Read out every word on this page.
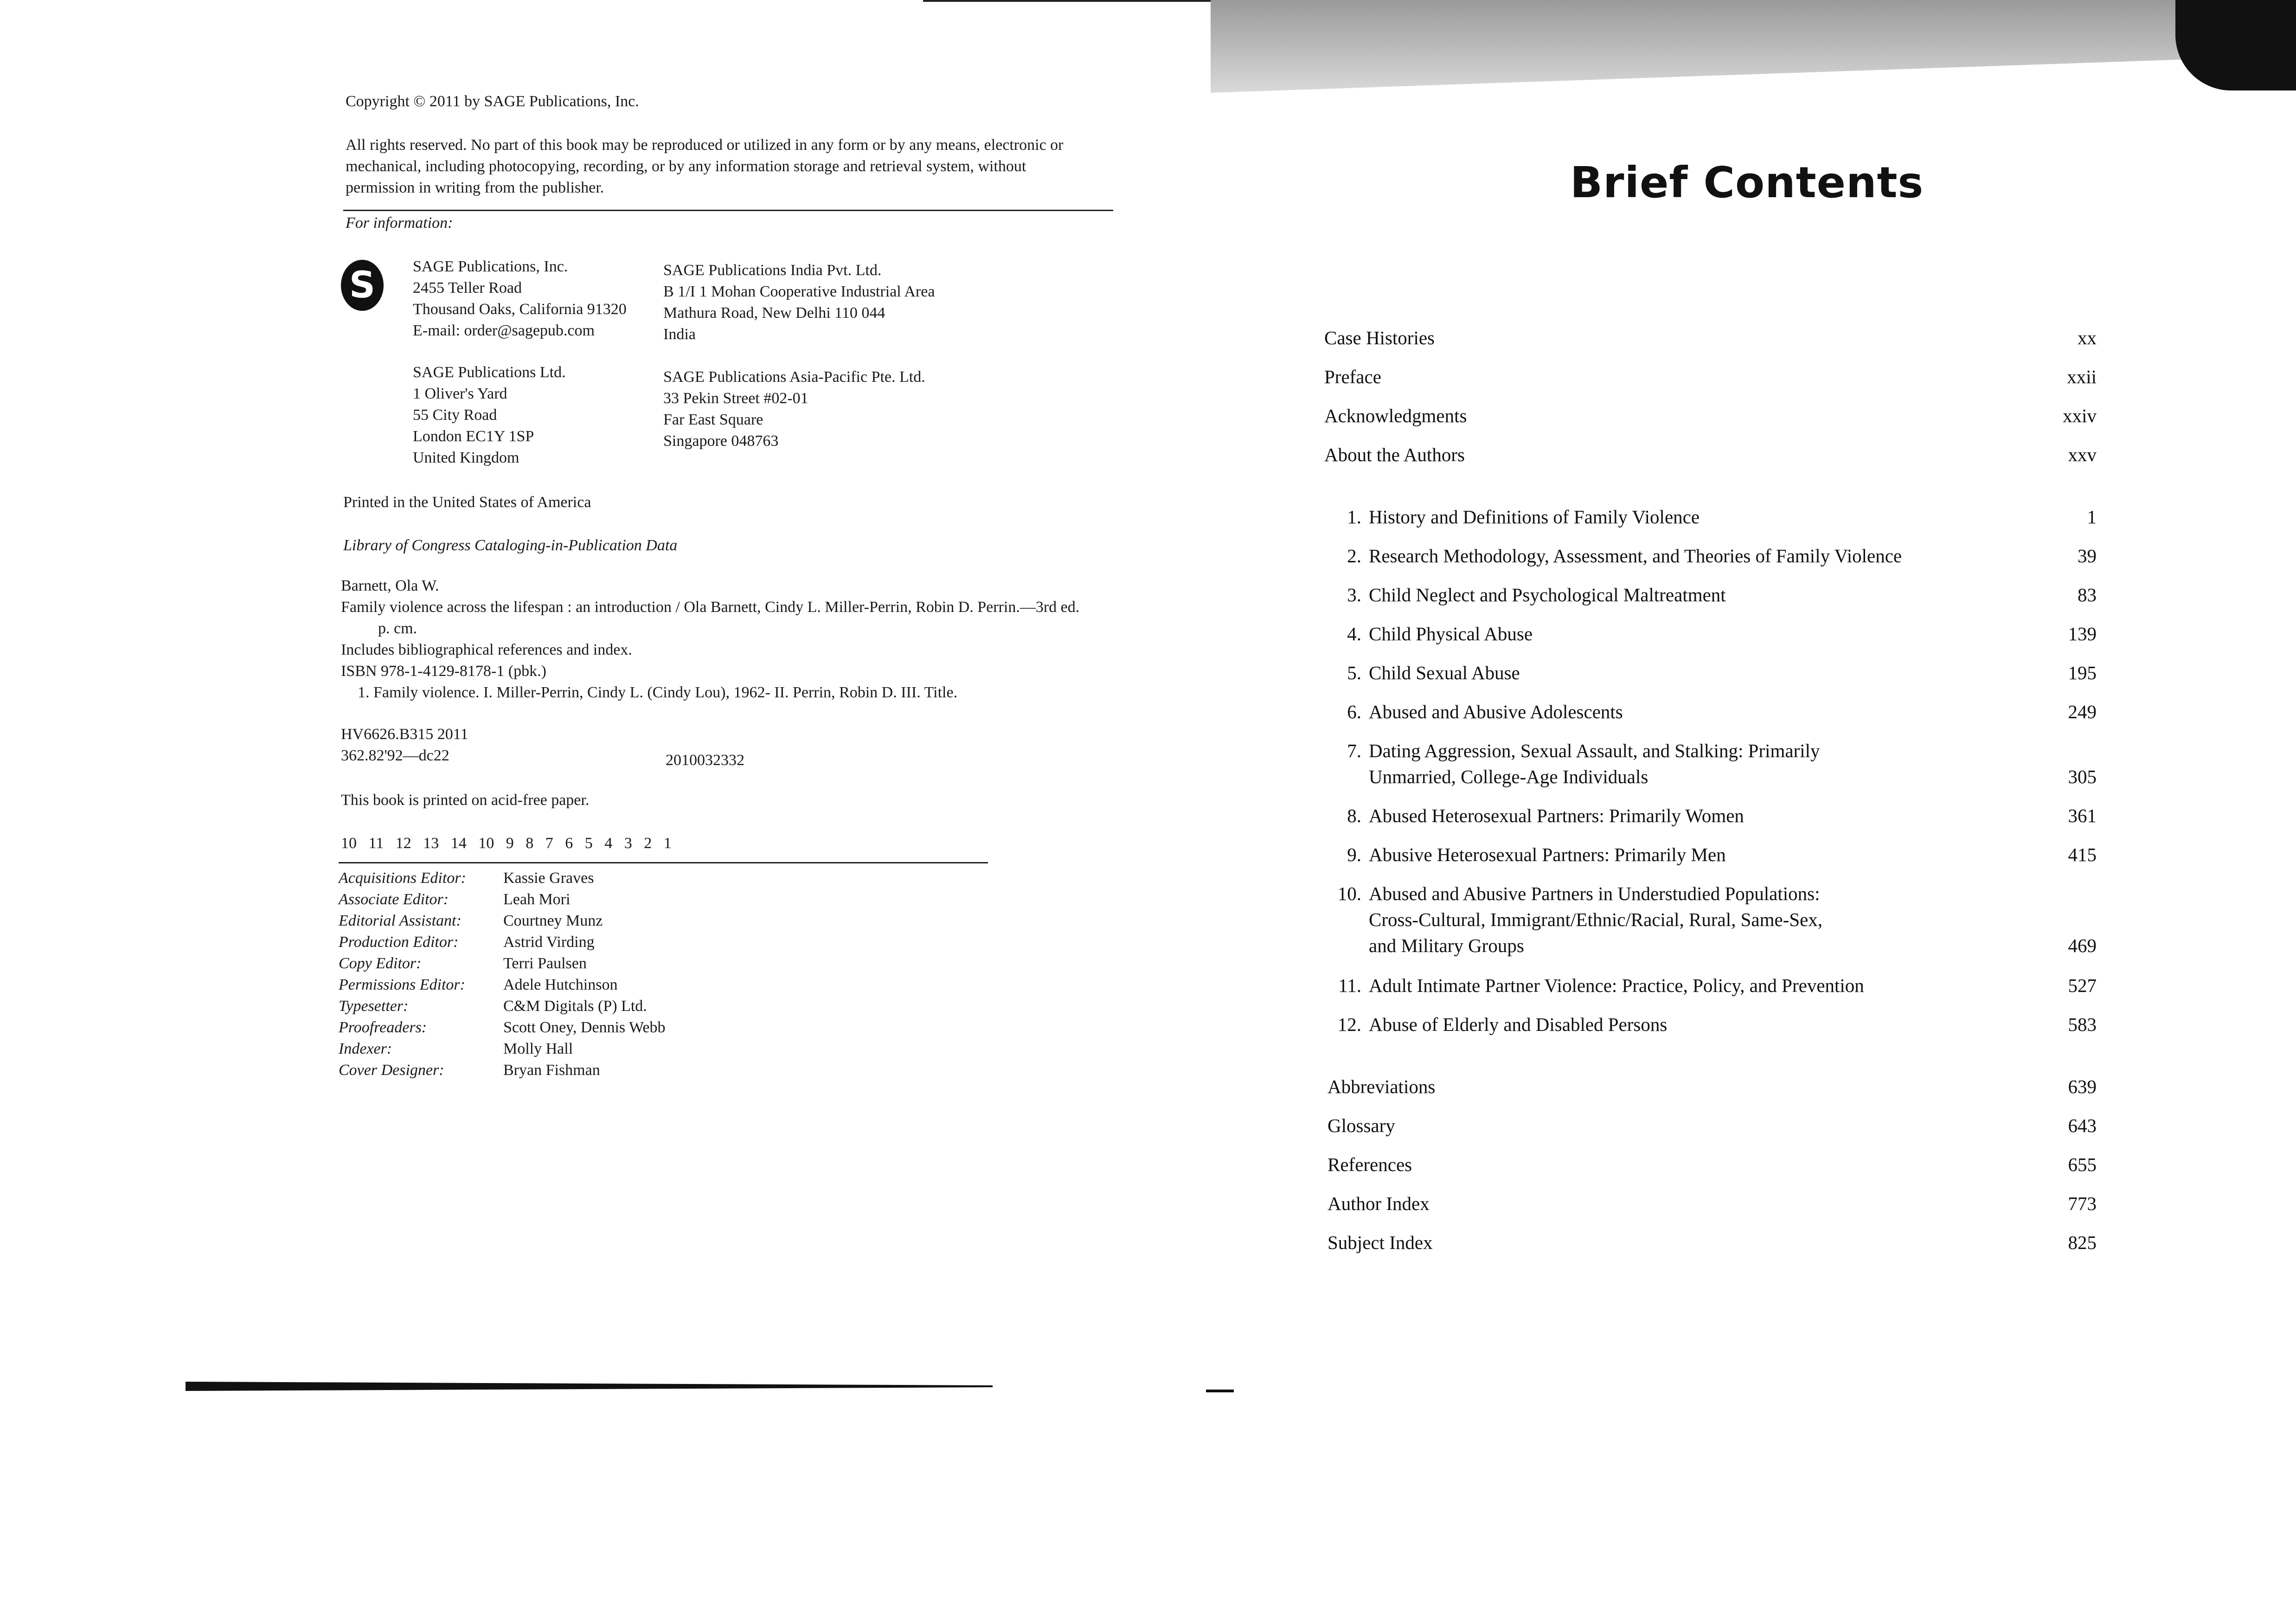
Copyright © 2011 by SAGE Publications, Inc.
All rights reserved. No part of this book may be reproduced or utilized in any form or by any means, electronic or
mechanical, including photocopying, recording, or by any information storage and retrieval system, without
permission in writing from the publisher.
For information:
S	SAGE Publications, Inc.
2455 Teller Road
Thousand Oaks, California 91320
E-mail: order@sagepub.com
SAGE Publications India Pvt. Ltd.
B 1/I 1 Mohan Cooperative Industrial Area
Mathura Road, New Delhi 110 044
India
SAGE Publications Ltd.
1 Oliver's Yard
55 City Road
London EC1Y 1SP
United Kingdom
SAGE Publications Asia-Pacific Pte. Ltd.
33 Pekin Street #02-01
Far East Square
Singapore 048763
Printed in the United States of America
Library of Congress Cataloging-in-Publication Data
Barnett, Ola W.
Family violence across the lifespan : an introduction / Ola Barnett, Cindy L. Miller-Perrin, Robin D. Perrin.—3rd ed.
p. cm.
Includes bibliographical references and index.
ISBN 978-1-4129-8178-1 (pbk.)
1. Family violence. I. Miller-Perrin, Cindy L. (Cindy Lou), 1962- II. Perrin, Robin D. III. Title.
HV6626.B315 2011
362.82'92—dc22	2010032332
This book is printed on acid-free paper.
10   11   12   13   14   10   9   8   7   6   5   4   3   2   1
Acquisitions Editor:	Kassie Graves
Associate Editor:	Leah Mori
Editorial Assistant:	Courtney Munz
Production Editor:	Astrid Virding
Copy Editor:	Terri Paulsen
Permissions Editor:	Adele Hutchinson
Typesetter:	C&M Digitals (P) Ltd.
Proofreaders:	Scott Oney, Dennis Webb
Indexer:	Molly Hall
Cover Designer:	Bryan Fishman
Brief Contents
Case Histories	xx
Preface	xxii
Acknowledgments	xxiv
About the Authors	xxv
1. History and Definitions of Family Violence	1
2. Research Methodology, Assessment, and Theories of Family Violence	39
3. Child Neglect and Psychological Maltreatment	83
4. Child Physical Abuse	139
5. Child Sexual Abuse	195
6. Abused and Abusive Adolescents	249
7. Dating Aggression, Sexual Assault, and Stalking: Primarily
Unmarried, College-Age Individuals	305
8. Abused Heterosexual Partners: Primarily Women	361
9. Abusive Heterosexual Partners: Primarily Men	415
10. Abused and Abusive Partners in Understudied Populations:
Cross-Cultural, Immigrant/Ethnic/Racial, Rural, Same-Sex,
and Military Groups	469
11. Adult Intimate Partner Violence: Practice, Policy, and Prevention	527
12. Abuse of Elderly and Disabled Persons	583
Abbreviations	639
Glossary	643
References	655
Author Index	773
Subject Index	825
